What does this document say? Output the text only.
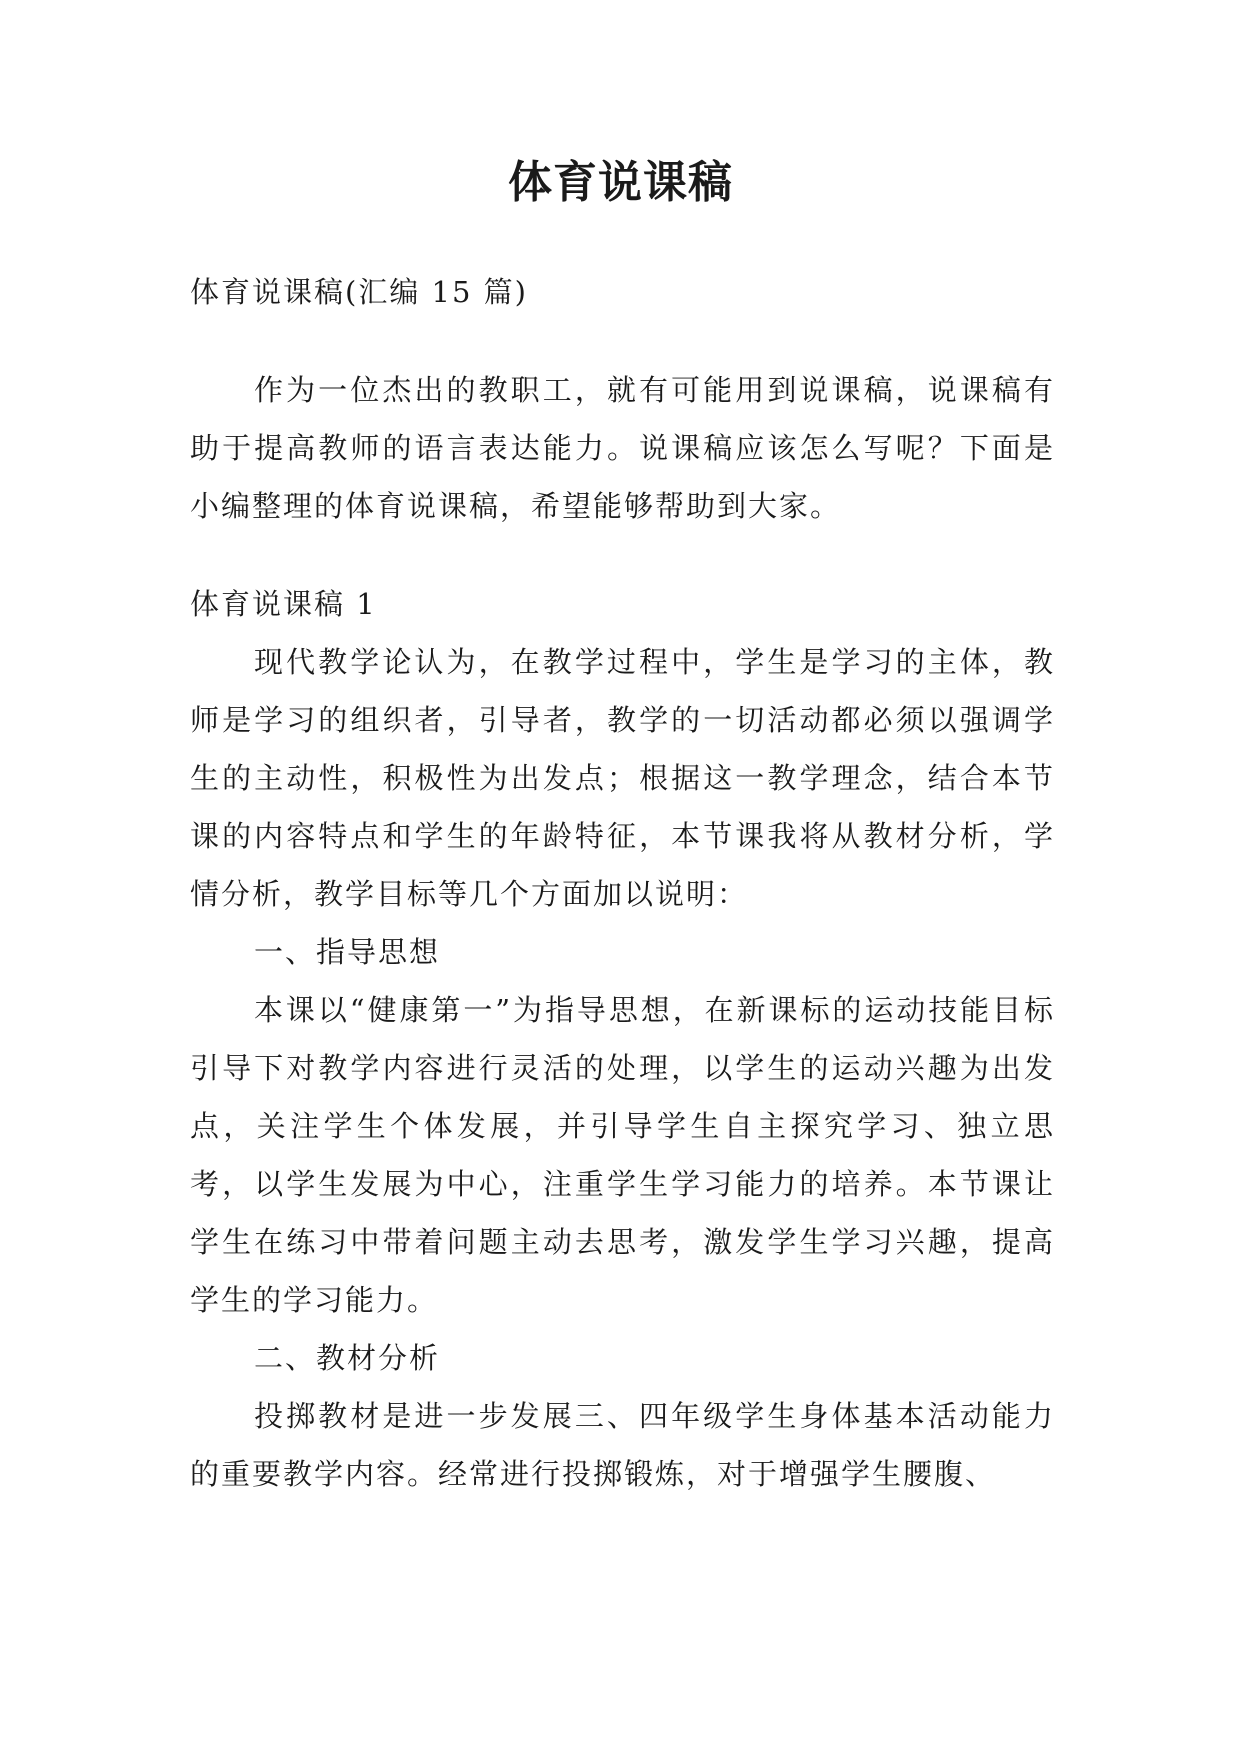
体育说课稿

体育说课稿(汇编 15 篇)

作为一位杰出的教职工，就有可能用到说课稿，说课稿有助于提高教师的语言表达能力。说课稿应该怎么写呢？下面是小编整理的体育说课稿，希望能够帮助到大家。

体育说课稿 1

现代教学论认为，在教学过程中，学生是学习的主体，教师是学习的组织者，引导者，教学的一切活动都必须以强调学生的主动性，积极性为出发点；根据这一教学理念，结合本节课的内容特点和学生的年龄特征，本节课我将从教材分析，学情分析，教学目标等几个方面加以说明：

一、指导思想

本课以“健康第一”为指导思想，在新课标的运动技能目标引导下对教学内容进行灵活的处理，以学生的运动兴趣为出发点，关注学生个体发展，并引导学生自主探究学习、独立思考，以学生发展为中心，注重学生学习能力的培养。本节课让学生在练习中带着问题主动去思考，激发学生学习兴趣，提高学生的学习能力。

二、教材分析

投掷教材是进一步发展三、四年级学生身体基本活动能力的重要教学内容。经常进行投掷锻炼，对于增强学生腰腹、
